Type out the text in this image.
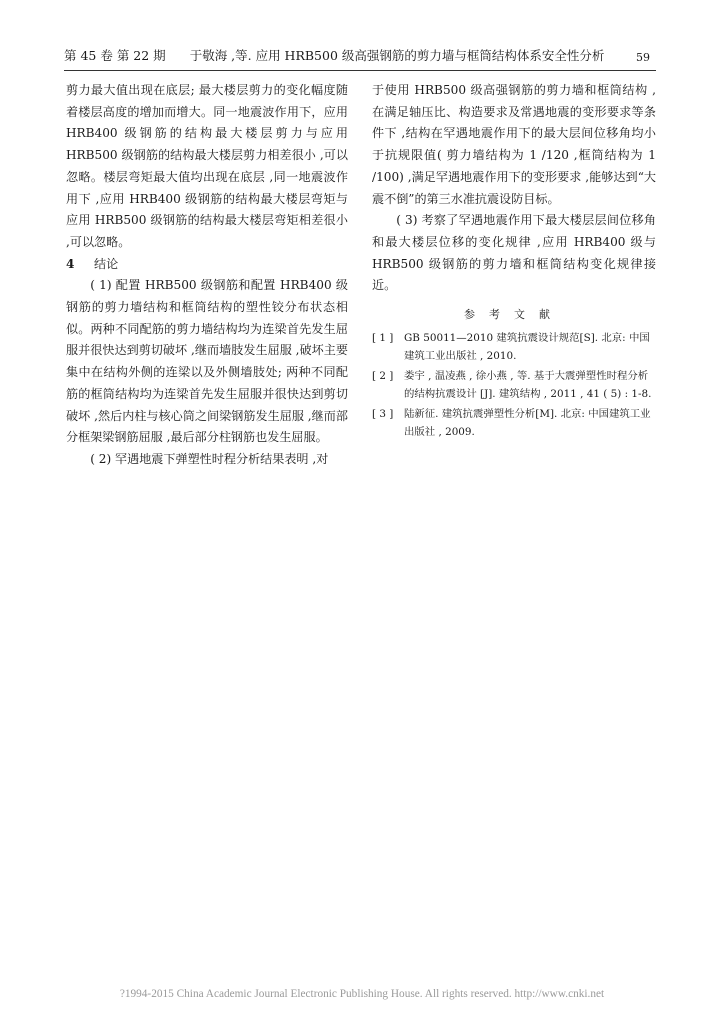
第 45 卷 第 22 期 于敬海 ,等. 应用 HRB500 级高强钢筋的剪力墙与框筒结构体系安全性分析	59

剪力最大值出现在底层; 最大楼层剪力的变化幅度随着楼层高度的增加而增大。同一地震波作用下，应用 HRB400 级钢筋的结构最大楼层剪力与应用 HRB500 级钢筋的结构最大楼层剪力相差很小 ,可以忽略。楼层弯矩最大值均出现在底层 ,同一地震波作用下 ,应用 HRB400 级钢筋的结构最大楼层弯矩与应用 HRB500 级钢筋的结构最大楼层弯矩相差很小 ,可以忽略。

4 结论

( 1) 配置 HRB500 级钢筋和配置 HRB400 级钢筋的剪力墙结构和框筒结构的塑性铰分布状态相似。两种不同配筋的剪力墙结构均为连梁首先发生屈服并很快达到剪切破坏 ,继而墙肢发生屈服 ,破坏主要集中在结构外侧的连梁以及外侧墙肢处; 两种不同配筋的框筒结构均为连梁首先发生屈服并很快达到剪切破坏 ,然后内柱与核心筒之间梁钢筋发生屈服 ,继而部分框架梁钢筋屈服 ,最后部分柱钢筋也发生屈服。

( 2) 罕遇地震下弹塑性时程分析结果表明 ,对

于使用 HRB500 级高强钢筋的剪力墙和框筒结构 ,在满足轴压比、构造要求及常遇地震的变形要求等条件下 ,结构在罕遇地震作用下的最大层间位移角均小于抗规限值( 剪力墙结构为 1 /120 ,框筒结构为 1 /100) ,满足罕遇地震作用下的变形要求 ,能够达到“大震不倒”的第三水准抗震设防目标。

( 3) 考察了罕遇地震作用下最大楼层层间位移角和最大楼层位移的变化规律 ,应用 HRB400 级与 HRB500 级钢筋的剪力墙和框筒结构变化规律接近。

参考文献
[ 1 ] GB 50011—2010 建筑抗震设计规范[S]. 北京: 中国建筑工业出版社 , 2010.
[ 2 ] 娄宇 , 温凌燕 , 徐小燕 , 等. 基于大震弹塑性时程分析的结构抗震设计 [J]. 建筑结构 , 2011 , 41 ( 5) : 1-8.
[ 3 ] 陆新征. 建筑抗震弹塑性分析[M]. 北京: 中国建筑工业出版社 , 2009.
?1994-2015 China Academic Journal Electronic Publishing House. All rights reserved. http://www.cnki.net
